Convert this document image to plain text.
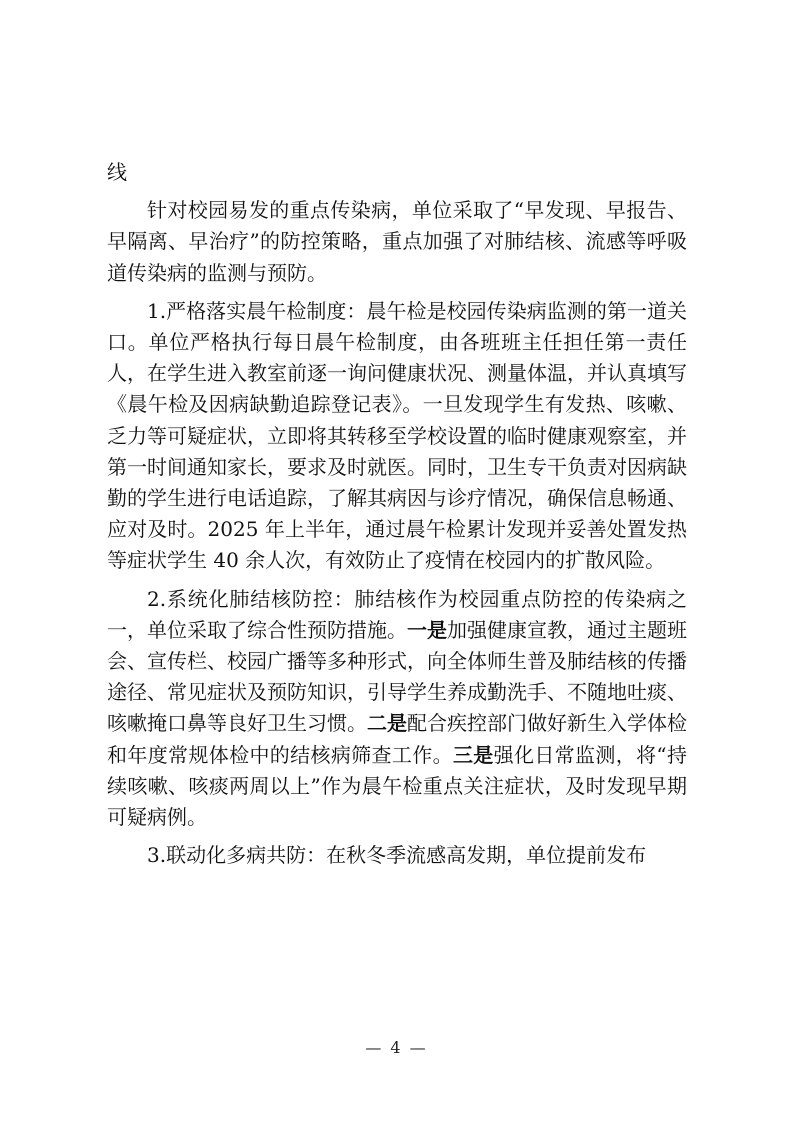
线

针对校园易发的重点传染病，单位采取了“早发现、早报告、早隔离、早治疗”的防控策略，重点加强了对肺结核、流感等呼吸道传染病的监测与预防。

1.严格落实晨午检制度：晨午检是校园传染病监测的第一道关口。单位严格执行每日晨午检制度，由各班班主任担任第一责任人，在学生进入教室前逐一询问健康状况、测量体温，并认真填写《晨午检及因病缺勤追踪登记表》。一旦发现学生有发热、咳嗽、乏力等可疑症状，立即将其转移至学校设置的临时健康观察室，并第一时间通知家长，要求及时就医。同时，卫生专干负责对因病缺勤的学生进行电话追踪，了解其病因与诊疗情况，确保信息畅通、应对及时。2025 年上半年，通过晨午检累计发现并妥善处置发热等症状学生 40 余人次，有效防止了疫情在校园内的扩散风险。

2.系统化肺结核防控：肺结核作为校园重点防控的传染病之一，单位采取了综合性预防措施。一是加强健康宣教，通过主题班会、宣传栏、校园广播等多种形式，向全体师生普及肺结核的传播途径、常见症状及预防知识，引导学生养成勤洗手、不随地吐痰、咳嗽掩口鼻等良好卫生习惯。二是配合疾控部门做好新生入学体检和年度常规体检中的结核病筛查工作。三是强化日常监测，将“持续咳嗽、咳痰两周以上”作为晨午检重点关注症状，及时发现早期可疑病例。

3.联动化多病共防：在秋冬季流感高发期，单位提前发布

— 4 —
